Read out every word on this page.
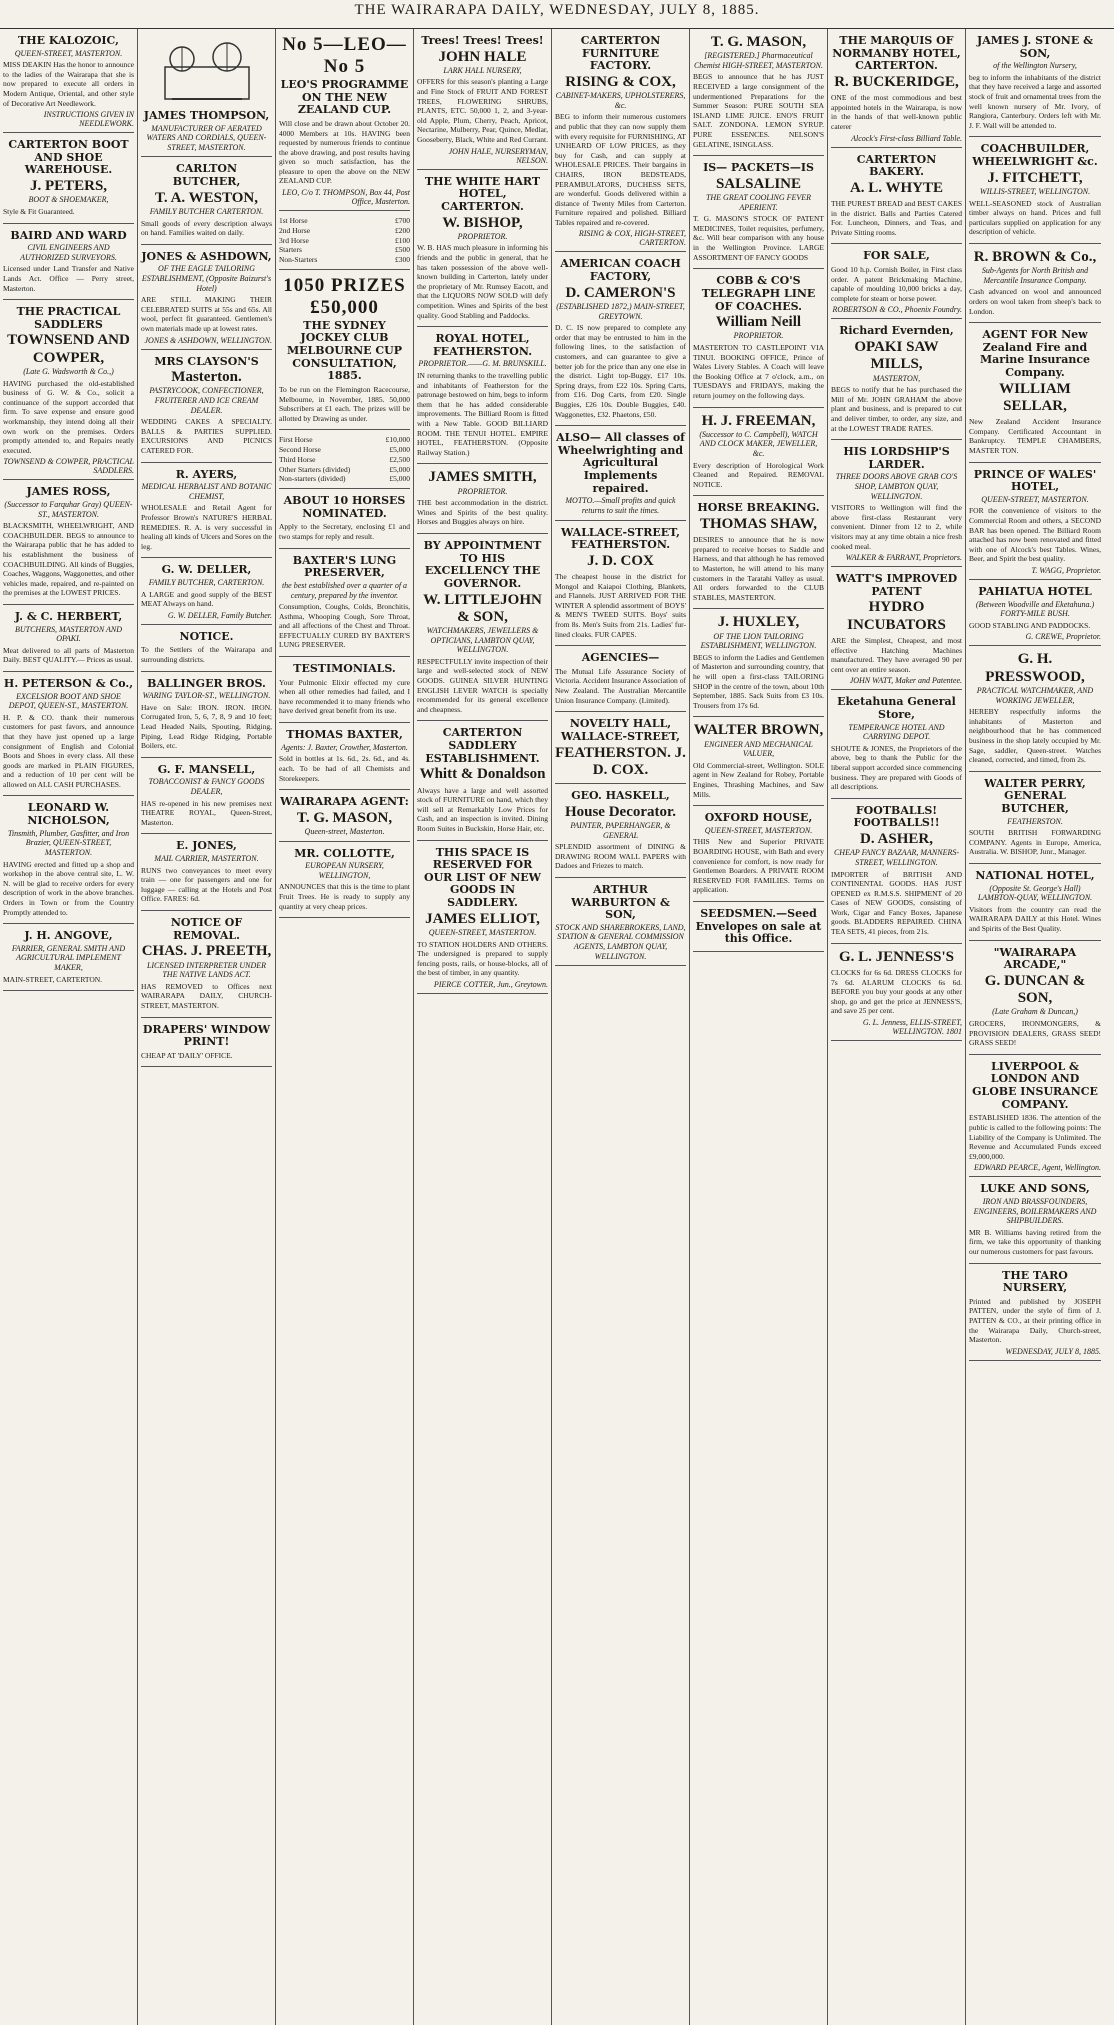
THE WAIRARAPA DAILY, WEDNESDAY, JULY 8, 1885.
THE KALOZOIC,
QUEEN-STREET, MASTERTON.
MISS DEAKIN Has the honor to announce to the ladies of the Wairarapa that she is now prepared to execute all orders in Modern Antique, Oriental, and other style of Decorative Art Needlework.
INSTRUCTIONS GIVEN IN NEEDLEWORK.
CARTERTON BOOT AND SHOE WAREHOUSE.
J. PETERS,
BOOT & SHOEMAKER,
Style & Fit Guaranteed.
BAIRD AND WARD
CIVIL ENGINEERS AND AUTHORIZED SURVEYORS.
Licensed under Land Transfer and Native Lands Act. Office — Perry street, Masterton.
THE PRACTICAL SADDLERS
TOWNSEND AND COWPER,
(Late G. Wadsworth & Co.,)
HAVING purchased the old-established business of G. W. & Co., solicit a continuance of the support accorded that firm. To save expense and ensure good workmanship, they intend doing all their own work on the premises. Orders promptly attended to, and Repairs neatly executed.
TOWNSEND & COWPER, PRACTICAL SADDLERS.
JAMES ROSS,
(Successor to Farquhar Gray) QUEEN-ST., MASTERTON.
BLACKSMITH, WHEELWRIGHT, AND COACHBUILDER. BEGS to announce to the Wairarapa public that he has added to his establishment the business of COACHBUILDING. All kinds of Buggies, Coaches, Waggons, Waggonettes, and other vehicles made, repaired, and re-painted on the premises at the LOWEST PRICES.
J. & C. HERBERT,
BUTCHERS, MASTERTON AND OPAKI.
Meat delivered to all parts of Masterton Daily. BEST QUALITY.— Prices as usual.
H. PETERSON & Co.,
EXCELSIOR BOOT AND SHOE DEPOT, QUEEN-ST., MASTERTON.
H. P. & CO. thank their numerous customers for past favors, and announce that they have just opened up a large consignment of English and Colonial Boots and Shoes in every class. All these goods are marked in PLAIN FIGURES, and a reduction of 10 per cent will be allowed on ALL CASH PURCHASES.
LEONARD W. NICHOLSON,
Tinsmith, Plumber, Gasfitter, and Iron Brazier, QUEEN-STREET, MASTERTON.
HAVING erected and fitted up a shop and workshop in the above central site, L. W. N. will be glad to receive orders for every description of work in the above branches. Orders in Town or from the Country Promptly attended to.
J. H. ANGOVE,
FARRIER, GENERAL SMITH AND AGRICULTURAL IMPLEMENT MAKER,
MAIN-STREET, CARTERTON.
JAMES THOMPSON,
MANUFACTURER OF AERATED WATERS AND CORDIALS, QUEEN-STREET, MASTERTON.
CARLTON BUTCHER,
T. A. WESTON,
FAMILY BUTCHER CARTERTON.
Small goods of every description always on hand. Families waited on daily.
JONES & ASHDOWN,
OF THE EAGLE TAILORING ESTABLISHMENT, (Opposite Baizurst's Hotel)
ARE STILL MAKING THEIR CELEBRATED SUITS at 55s and 65s. All wool, perfect fit guaranteed. Gentlemen's own materials made up at lowest rates.
JONES & ASHDOWN, WELLINGTON.
MRS CLAYSON'S
Masterton.
PASTRYCOOK, CONFECTIONER, FRUITERER AND ICE CREAM DEALER.
WEDDING CAKES A SPECIALTY. BALLS & PARTIES SUPPLIED. EXCURSIONS AND PICNICS CATERED FOR.
R. AYERS,
MEDICAL HERBALIST AND BOTANIC CHEMIST,
WHOLESALE and Retail Agent for Professor Brown's NATURE'S HERBAL REMEDIES. R. A. is very successful in healing all kinds of Ulcers and Sores on the leg.
G. W. DELLER,
FAMILY BUTCHER, CARTERTON.
A LARGE and good supply of the BEST MEAT Always on hand.
G. W. DELLER, Family Butcher.
NOTICE.
To the Settlers of the Wairarapa and surrounding districts.
BALLINGER BROS.
WARING TAYLOR-ST., WELLINGTON.
Have on Sale: IRON. IRON. IRON. Corrugated Iron, 5, 6, 7, 8, 9 and 10 feet; Lead Headed Nails, Spouting, Ridging, Piping, Lead Ridge Ridging, Portable Boilers, etc.
G. F. MANSELL,
TOBACCONIST & FANCY GOODS DEALER,
HAS re-opened in his new premises next THEATRE ROYAL, Queen-Street, Masterton.
E. JONES,
MAIL CARRIER, MASTERTON.
RUNS two conveyances to meet every train — one for passengers and one for luggage — calling at the Hotels and Post Office. FARES: 6d.
NOTICE OF REMOVAL.
CHAS. J. PREETH,
LICENSED INTERPRETER UNDER THE NATIVE LANDS ACT.
HAS REMOVED to Offices next WAIRARAPA DAILY, CHURCH-STREET, MASTERTON.
DRAPERS' WINDOW PRINT!
CHEAP AT 'DAILY' OFFICE.
No 5—LEO—No 5
LEO'S PROGRAMME ON THE NEW ZEALAND CUP.
Will close and be drawn about October 20. 4000 Members at 10s. HAVING been requested by numerous friends to continue the above drawing, and post results having given so much satisfaction, has the pleasure to open the above on the NEW ZEALAND CUP.
LEO, C/o T. THOMPSON, Box 44, Post Office, Masterton.
1st Horse	£700
2nd Horse	£200
3rd Horse	£100
Starters	£500
Non-Starters	£300
1050 PRIZES £50,000
THE SYDNEY JOCKEY CLUB MELBOURNE CUP CONSULTATION, 1885.
To be run on the Flemington Racecourse, Melbourne, in November, 1885. 50,000 Subscribers at £1 each. The prizes will be allotted by Drawing as under.
First Horse	£10,000
Second Horse	£5,000
Third Horse	£2,500
Other Starters (divided)	£5,000
Non-starters (divided)	£5,000
ABOUT 10 HORSES NOMINATED.
Apply to the Secretary, enclosing £1 and two stamps for reply and result.
BAXTER'S LUNG PRESERVER,
the best established over a quarter of a century, prepared by the inventor.
Consumption, Coughs, Colds, Bronchitis, Asthma, Whooping Cough, Sore Throat, and all affections of the Chest and Throat. EFFECTUALLY CURED BY BAXTER'S LUNG PRESERVER.
TESTIMONIALS.
Your Pulmonic Elixir effected my cure when all other remedies had failed, and I have recommended it to many friends who have derived great benefit from its use.
THOMAS BAXTER,
Agents: J. Baxter, Crowther, Masterton.
Sold in bottles at 1s. 6d., 2s. 6d., and 4s. each. To be had of all Chemists and Storekeepers.
WAIRARAPA AGENT:
T. G. MASON,
Queen-street, Masterton.
MR. COLLOTTE,
EUROPEAN NURSERY, WELLINGTON,
ANNOUNCES that this is the time to plant Fruit Trees. He is ready to supply any quantity at very cheap prices.
Trees! Trees! Trees!
JOHN HALE
LARK HALL NURSERY,
OFFERS for this season's planting a Large and Fine Stock of FRUIT AND FOREST TREES, FLOWERING SHRUBS, PLANTS, ETC. 50,000 1, 2, and 3-year-old Apple, Plum, Cherry, Peach, Apricot, Nectarine, Mulberry, Pear, Quince, Medlar, Gooseberry, Black, White and Red Currant.
JOHN HALE, NURSERYMAN, NELSON.
THE WHITE HART HOTEL, CARTERTON.
W. BISHOP,
PROPRIETOR.
W. B. HAS much pleasure in informing his friends and the public in general, that he has taken possession of the above well-known building in Carterton, lately under the proprietary of Mr. Rumsey Eacott, and that the LIQUORS NOW SOLD will defy competition. Wines and Spirits of the best quality. Good Stabling and Paddocks.
ROYAL HOTEL, FEATHERSTON.
PROPRIETOR.——G. M. BRUNSKILL.
IN returning thanks to the travelling public and inhabitants of Featherston for the patronage bestowed on him, begs to inform them that he has added considerable improvements. The Billiard Room is fitted with a New Table. GOOD BILLIARD ROOM. THE TENUI HOTEL. EMPIRE HOTEL, FEATHERSTON. (Opposite Railway Station.)
JAMES SMITH,
PROPRIETOR.
THE best accommodation in the district. Wines and Spirits of the best quality. Horses and Buggies always on hire.
BY APPOINTMENT TO HIS EXCELLENCY THE GOVERNOR.
W. LITTLEJOHN & SON,
WATCHMAKERS, JEWELLERS & OPTICIANS, LAMBTON QUAY, WELLINGTON.
RESPECTFULLY invite inspection of their large and well-selected stock of NEW GOODS. GUINEA SILVER HUNTING ENGLISH LEVER WATCH is specially recommended for its general excellence and cheapness.
CARTERTON SADDLERY ESTABLISHMENT.
Whitt & Donaldson
Always have a large and well assorted stock of FURNITURE on hand, which they will sell at Remarkably Low Prices for Cash, and an inspection is invited. Dining Room Suites in Buckskin, Horse Hair, etc.
THIS SPACE IS RESERVED FOR OUR LIST OF NEW GOODS IN SADDLERY.
JAMES ELLIOT,
QUEEN-STREET, MASTERTON.
TO STATION HOLDERS AND OTHERS. The undersigned is prepared to supply fencing posts, rails, or house-blocks, all of the best of timber, in any quantity.
PIERCE COTTER, Jun., Greytown.
CARTERTON FURNITURE FACTORY.
RISING & COX,
CABINET-MAKERS, UPHOLSTERERS, &c.
BEG to inform their numerous customers and public that they can now supply them with every requisite for FURNISHING, AT UNHEARD OF LOW PRICES, as they buy for Cash, and can supply at WHOLESALE PRICES. Their bargains in CHAIRS, IRON BEDSTEADS, PERAMBULATORS, DUCHESS SETS, are wonderful. Goods delivered within a distance of Twenty Miles from Carterton. Furniture repaired and polished. Billiard Tables repaired and re-covered.
RISING & COX, HIGH-STREET, CARTERTON.
AMERICAN COACH FACTORY,
D. CAMERON'S
(ESTABLISHED 1872,) MAIN-STREET, GREYTOWN.
D. C. IS now prepared to complete any order that may be entrusted to him in the following lines, to the satisfaction of customers, and can guarantee to give a better job for the price than any one else in the district. Light top-Buggy, £17 10s. Spring drays, from £22 10s. Spring Carts, from £16. Dog Carts, from £20. Single Buggies, £26 10s. Double Buggies, £40. Waggonettes, £32. Phaetons, £50.
ALSO— All classes of Wheelwrighting and Agricultural Implements repaired.
MOTTO.—Small profits and quick returns to suit the times.
WALLACE-STREET, FEATHERSTON.
J. D. COX
The cheapest house in the district for Mongol and Kaiapoi Clothing, Blankets, and Flannels. JUST ARRIVED FOR THE WINTER A splendid assortment of BOYS' & MEN'S TWEED SUITS. Boys' suits from 8s. Men's Suits from 21s. Ladies' fur-lined cloaks. FUR CAPES.
AGENCIES—
The Mutual Life Assurance Society of Victoria. Accident Insurance Association of New Zealand. The Australian Mercantile Union Insurance Company. (Limited).
NOVELTY HALL, WALLACE-STREET,
FEATHERSTON. J. D. COX.
GEO. HASKELL,
House Decorator.
PAINTER, PAPERHANGER, & GENERAL
SPLENDID assortment of DINING & DRAWING ROOM WALL PAPERS with Dadoes and Friezes to match.
ARTHUR WARBURTON & SON,
STOCK AND SHAREBROKERS, LAND, STATION & GENERAL COMMISSION AGENTS, LAMBTON QUAY, WELLINGTON.
T. G. MASON,
[REGISTERED.] Pharmaceutical Chemist HIGH-STREET, MASTERTON.
BEGS to announce that he has JUST RECEIVED a large consignment of the undermentioned Preparations for the Summer Season: PURE SOUTH SEA ISLAND LIME JUICE. ENO'S FRUIT SALT. ZONDONA. LEMON SYRUP. PURE ESSENCES. NELSON'S GELATINE, ISINGLASS.
IS— PACKETS—IS
SALSALINE
THE GREAT COOLING FEVER APERIENT.
T. G. MASON'S STOCK OF PATENT MEDICINES, Toilet requisites, perfumery, &c. Will bear comparison with any house in the Wellington Province. LARGE ASSORTMENT OF FANCY GOODS
COBB & CO'S TELEGRAPH LINE OF COACHES.
William Neill
PROPRIETOR.
MASTERTON TO CASTLEPOINT VIA TINUI. BOOKING OFFICE, Prince of Wales Livery Stables. A Coach will leave the Booking Office at 7 o'clock, a.m., on TUESDAYS and FRIDAYS, making the return journey on the following days.
H. J. FREEMAN,
(Successor to C. Campbell), WATCH AND CLOCK MAKER, JEWELLER, &c.
Every description of Horological Work Cleaned and Repaired. REMOVAL NOTICE.
HORSE BREAKING.
THOMAS SHAW,
DESIRES to announce that he is now prepared to receive horses to Saddle and Harness, and that although he has removed to Masterton, he will attend to his many customers in the Taratahi Valley as usual. All orders forwarded to the CLUB STABLES, MASTERTON.
J. HUXLEY,
OF THE LION TAILORING ESTABLISHMENT, WELLINGTON.
BEGS to inform the Ladies and Gentlemen of Masterton and surrounding country, that he will open a first-class TAILORING SHOP in the centre of the town, about 10th September, 1885. Sack Suits from £3 10s. Trousers from 17s 6d.
WALTER BROWN,
ENGINEER AND MECHANICAL VALUER,
Old Commercial-street, Wellington. SOLE agent in New Zealand for Robey, Portable Engines, Thrashing Machines, and Saw Mills.
OXFORD HOUSE,
QUEEN-STREET, MASTERTON.
THIS New and Superior PRIVATE BOARDING HOUSE, with Bath and every convenience for comfort, is now ready for Gentlemen Boarders. A PRIVATE ROOM RESERVED FOR FAMILIES. Terms on application.
SEEDSMEN.—Seed Envelopes on sale at this Office.
THE MARQUIS OF NORMANBY HOTEL, CARTERTON.
R. BUCKERIDGE,
ONE of the most commodious and best appointed hotels in the Wairarapa, is now in the hands of that well-known public caterer
Alcock's First-class Billiard Table.
CARTERTON BAKERY.
A. L. WHYTE
THE PUREST BREAD and BEST CAKES in the district. Balls and Parties Catered For. Luncheon, Dinners, and Teas, and Private Sitting rooms.
FOR SALE,
Good 10 h.p. Cornish Boiler, in First class order. A patent Brickmaking Machine, capable of moulding 10,000 bricks a day, complete for steam or horse power.
ROBERTSON & CO., Phoenix Foundry.
Richard Evernden,
OPAKI SAW MILLS,
MASTERTON,
BEGS to notify that he has purchased the Mill of Mr. JOHN GRAHAM the above plant and business, and is prepared to cut and deliver timber, to order, any size, and at the LOWEST TRADE RATES.
HIS LORDSHIP'S LARDER.
THREE DOORS ABOVE GRAB CO'S SHOP, LAMBTON QUAY, WELLINGTON.
VISITORS to Wellington will find the above first-class Restaurant very convenient. Dinner from 12 to 2, while visitors may at any time obtain a nice fresh cooked meal.
WALKER & FARRANT, Proprietors.
WATT'S IMPROVED PATENT
HYDRO INCUBATORS
ARE the Simplest, Cheapest, and most effective Hatching Machines manufactured. They have averaged 90 per cent over an entire season.
JOHN WATT, Maker and Patentee.
Eketahuna General Store,
TEMPERANCE HOTEL AND CARRYING DEPOT.
SHOUTE & JONES, the Proprietors of the above, beg to thank the Public for the liberal support accorded since commencing business. They are prepared with Goods of all descriptions.
FOOTBALLS! FOOTBALLS!!
D. ASHER,
CHEAP FANCY BAZAAR, MANNERS-STREET, WELLINGTON.
IMPORTER of BRITISH AND CONTINENTAL GOODS. HAS JUST OPENED ex R.M.S.S. SHIPMENT of 20 Cases of NEW GOODS, consisting of Work, Cigar and Fancy Boxes, Japanese goods. BLADDERS REPAIRED. CHINA TEA SETS, 41 pieces, from 21s.
G. L. JENNESS'S
CLOCKS for 6s 6d. DRESS CLOCKS for 7s 6d. ALARUM CLOCKS 6s 6d. BEFORE you buy your goods at any other shop, go and get the price at JENNESS'S, and save 25 per cent.
G. L. Jenness, ELLIS-STREET, WELLINGTON. 1801
JAMES J. STONE & SON,
of the Wellington Nursery,
beg to inform the inhabitants of the district that they have received a large and assorted stock of fruit and ornamental trees from the well known nursery of Mr. Ivory, of Rangiora, Canterbury. Orders left with Mr. J. F. Wall will be attended to.
COACHBUILDER, WHEELWRIGHT &c.
J. FITCHETT,
WILLIS-STREET, WELLINGTON.
WELL-SEASONED stock of Australian timber always on hand. Prices and full particulars supplied on application for any description of vehicle.
R. BROWN & Co.,
Sub-Agents for North British and Mercantile Insurance Company.
Cash advanced on wool and announced orders on wool taken from sheep's back to London.
AGENT FOR New Zealand Fire and Marine Insurance Company.
WILLIAM SELLAR,
New Zealand Accident Insurance Company. Certificated Accountant in Bankruptcy. TEMPLE CHAMBERS, MASTER TON.
PRINCE OF WALES' HOTEL,
QUEEN-STREET, MASTERTON.
FOR the convenience of visitors to the Commercial Room and others, a SECOND BAR has been opened. The Billiard Room attached has now been renovated and fitted with one of Alcock's best Tables. Wines, Beer, and Spirit the best quality.
T. WAGG, Proprietor.
PAHIATUA HOTEL
(Between Woodville and Eketahuna.) FORTY-MILE BUSH.
GOOD STABLING AND PADDOCKS.
G. CREWE, Proprietor.
G. H. PRESSWOOD,
PRACTICAL WATCHMAKER, AND WORKING JEWELLER,
HEREBY respectfully informs the inhabitants of Masterton and neighbourhood that he has commenced business in the shop lately occupied by Mr. Sage, saddler, Queen-street. Watches cleaned, corrected, and timed, from 2s.
WALTER PERRY, GENERAL BUTCHER,
FEATHERSTON.
SOUTH BRITISH FORWARDING COMPANY. Agents in Europe, America, Australia. W. BISHOP, Junr., Manager.
NATIONAL HOTEL,
(Opposite St. George's Hall) LAMBTON-QUAY, WELLINGTON.
Visitors from the country can read the WAIRARAPA DAILY at this Hotel. Wines and Spirits of the Best Quality.
"WAIRARAPA ARCADE,"
G. DUNCAN & SON,
(Late Graham & Duncan,)
GROCERS, IRONMONGERS, & PROVISION DEALERS, GRASS SEED! GRASS SEED!
LIVERPOOL & LONDON AND GLOBE INSURANCE COMPANY.
ESTABLISHED 1836. The attention of the public is called to the following points: The Liability of the Company is Unlimited. The Revenue and Accumulated Funds exceed £9,000,000.
EDWARD PEARCE, Agent, Wellington.
LUKE AND SONS,
IRON AND BRASSFOUNDERS, ENGINEERS, BOILERMAKERS AND SHIPBUILDERS.
MR B. Williams having retired from the firm, we take this opportunity of thanking our numerous customers for past favours.
THE TARO NURSERY,
Printed and published by JOSEPH PATTEN, under the style of firm of J. PATTEN & CO., at their printing office in the Wairarapa Daily, Church-street, Masterton.
WEDNESDAY, JULY 8, 1885.
